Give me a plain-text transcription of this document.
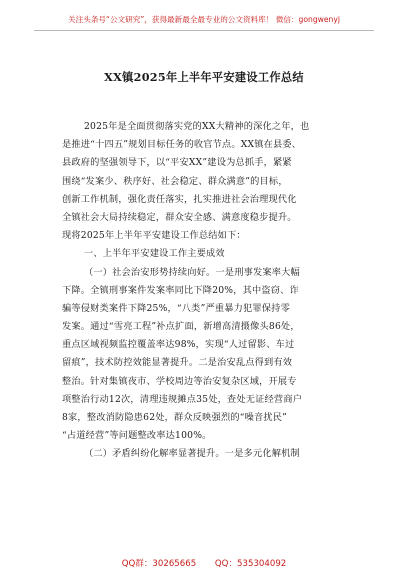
关注头条号“公文研究”，获得最新最全最专业的公文资料库！ 微信：gongwenyj
XX镇2025年上半年平安建设工作总结
2025年是全面贯彻落实党的XX大精神的深化之年，也
是推进“十四五”规划目标任务的收官节点。XX镇在县委、
县政府的坚强领导下，以“平安XX”建设为总抓手，紧紧
围绕“发案少、秩序好、社会稳定、群众满意”的目标，
创新工作机制，强化责任落实，扎实推进社会治理现代化
全镇社会大局持续稳定，群众安全感、满意度稳步提升。
现将2025年上半年平安建设工作总结如下：
一、上半年平安建设工作主要成效
（一）社会治安形势持续向好。一是刑事发案率大幅
下降。全镇刑事案件发案率同比下降20%，其中盗窃、诈
骗等侵财类案件下降25%，“八类”严重暴力犯罪保持零
发案。通过“雪亮工程”补点扩面，新增高清摄像头86处，
重点区域视频监控覆盖率达98%，实现“人过留影、车过
留痕”，技术防控效能显著提升。二是治安乱点得到有效
整治。针对集镇夜市、学校周边等治安复杂区域，开展专
项整治行动12次，清理违规摊点35处，查处无证经营商户
8家，整改消防隐患62处，群众反映强烈的“噪音扰民”
“占道经营”等问题整改率达100%。
（二）矛盾纠纷化解率显著提升。一是多元化解机制
QQ群：30265665 QQ：535304092
